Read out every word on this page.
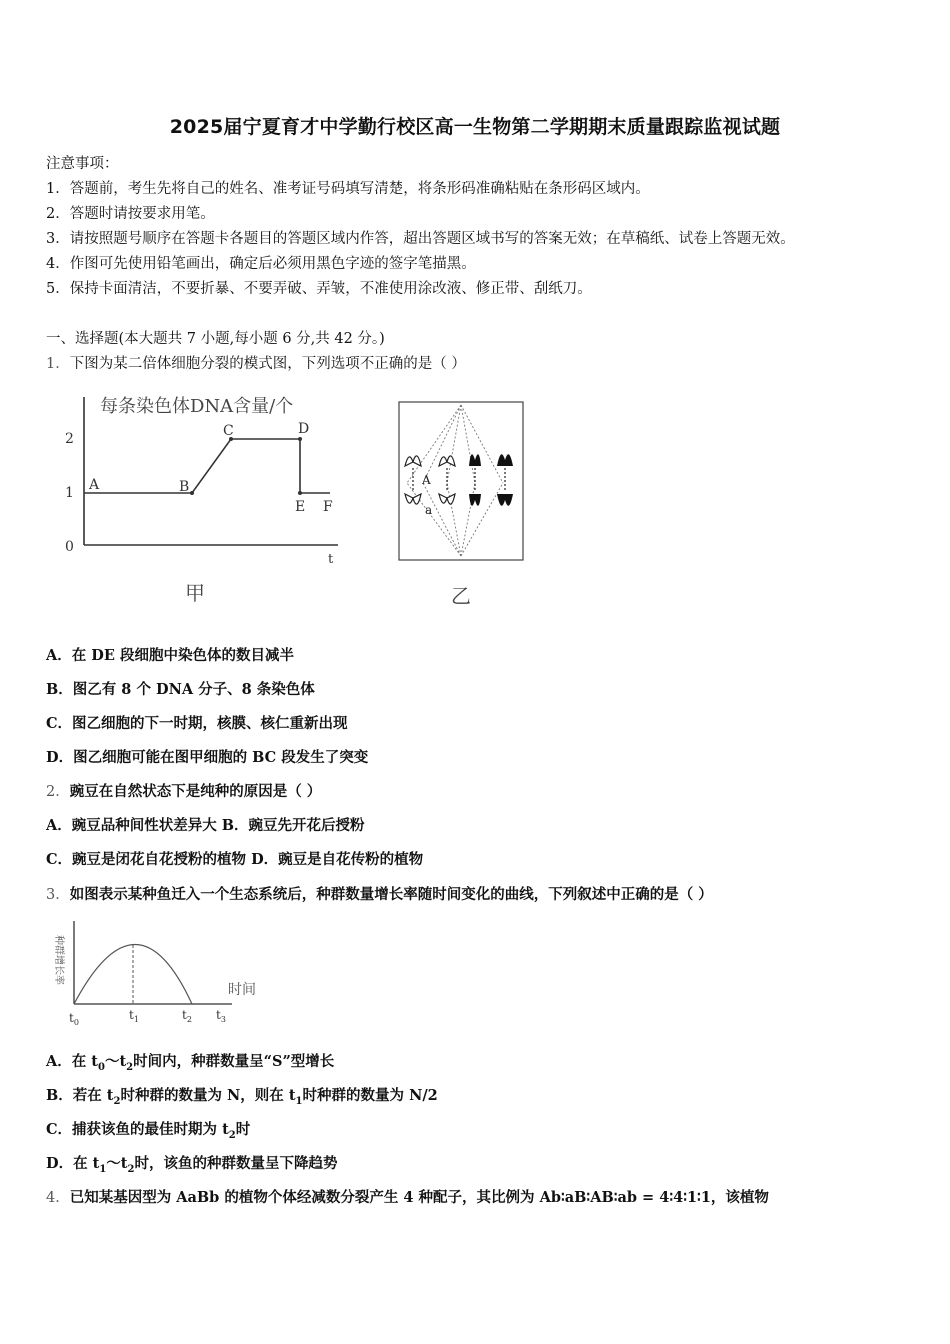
2025届宁夏育才中学勤行校区高一生物第二学期期末质量跟踪监视试题
注意事项：
1．答题前，考生先将自己的姓名、准考证号码填写清楚，将条形码准确粘贴在条形码区域内。
2．答题时请按要求用笔。
3．请按照题号顺序在答题卡各题目的答题区域内作答，超出答题区域书写的答案无效；在草稿纸、试卷上答题无效。
4．作图可先使用铅笔画出，确定后必须用黑色字迹的签字笔描黑。
5．保持卡面清洁，不要折暴、不要弄破、弄皱，不准使用涂改液、修正带、刮纸刀。
一、选择题(本大题共 7 小题,每小题 6 分,共 42 分。)
1．下图为某二倍体细胞分裂的模式图，下列选项不正确的是（ ）
每条染色体DNA含量/个
2
1
0
A	B
C	D
E F
t
甲
A
a
乙
A．在 DE 段细胞中染色体的数目减半
B．图乙有 8 个 DNA 分子、8 条染色体
C．图乙细胞的下一时期，核膜、核仁重新出现
D．图乙细胞可能在图甲细胞的 BC 段发生了突变
2．豌豆在自然状态下是纯种的原因是（ ）
A．豌豆品种间性状差异大 B．豌豆先开花后授粉
C．豌豆是闭花自花授粉的植物 D．豌豆是自花传粉的植物
3．如图表示某种鱼迁入一个生态系统后，种群数量增长率随时间变化的曲线，下列叙述中正确的是（ ）
种群增长率
时间
$t_0$
$t_1$	$t_2$ $t_3$
A．在 $t_0\sim t_2$时间内，种群数量呈“S”型增长
B．若在 $t_2$时种群的数量为 N，则在 $t_1$时种群的数量为 N/2
C．捕获该鱼的最佳时期为 $t_2$时
D．在 $t_1\sim t_2$时，该鱼的种群数量呈下降趋势
4．已知某基因型为 AaBb 的植物个体经减数分裂产生 4 种配子，其比例为 Ab∶aB∶AB∶ab = 4∶4∶1∶1，该植物
